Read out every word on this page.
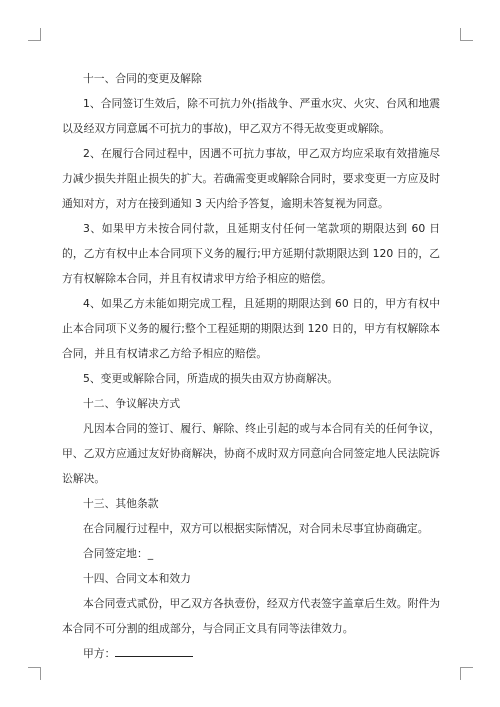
十一、合同的变更及解除

1、合同签订生效后，除不可抗力外(指战争、严重水灾、火灾、台风和地震以及经双方同意属不可抗力的事故)，甲乙双方不得无故变更或解除。

2、在履行合同过程中，因遇不可抗力事故，甲乙双方均应采取有效措施尽力减少损失并阻止损失的扩大。若确需变更或解除合同时，要求变更一方应及时通知对方，对方在接到通知 3 天内给予答复，逾期未答复视为同意。

3、如果甲方未按合同付款，且延期支付任何一笔款项的期限达到 60 日的，乙方有权中止本合同项下义务的履行;甲方延期付款期限达到 120 日的，乙方有权解除本合同，并且有权请求甲方给予相应的赔偿。

4、如果乙方未能如期完成工程，且延期的期限达到 60 日的，甲方有权中止本合同项下义务的履行;整个工程延期的期限达到 120 日的，甲方有权解除本合同，并且有权请求乙方给予相应的赔偿。

5、变更或解除合同，所造成的损失由双方协商解决。

十二、争议解决方式

凡因本合同的签订、履行、解除、终止引起的或与本合同有关的任何争议，甲、乙双方应通过友好协商解决，协商不成时双方同意向合同签定地人民法院诉讼解决。

十三、其他条款

在合同履行过程中，双方可以根据实际情况，对合同未尽事宜协商确定。

合同签定地：_

十四、合同文本和效力

本合同壹式贰份，甲乙双方各执壹份，经双方代表签字盖章后生效。附件为本合同不可分割的组成部分，与合同正文具有同等法律效力。

甲方：
